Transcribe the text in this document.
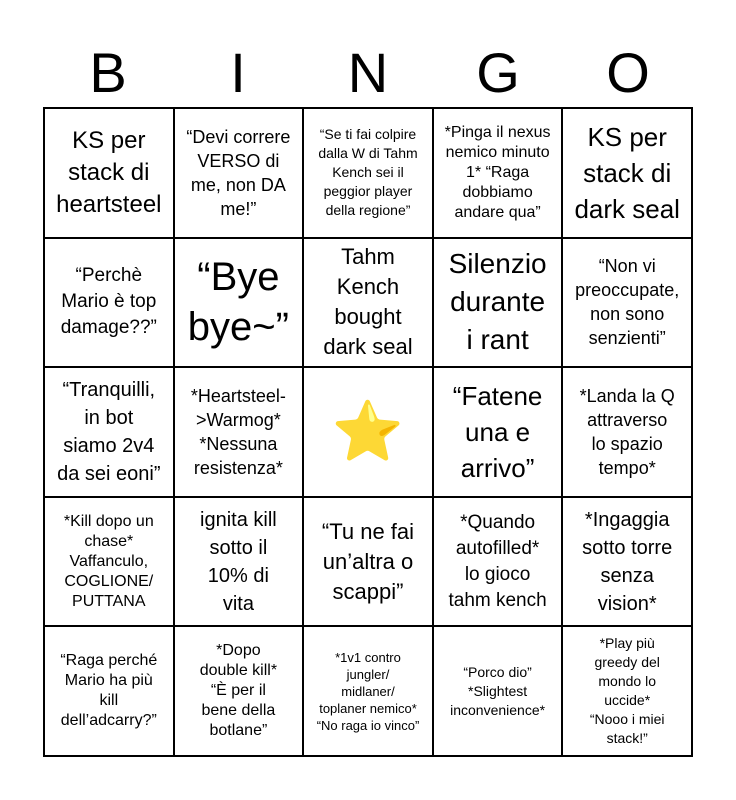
B	I	N	G	O
KS per
stack di
heartsteel
“Devi correre
VERSO di
me, non DA
me!”
“Se ti fai colpire
dalla W di Tahm
Kench sei il
peggior player
della regione”
*Pinga il nexus
nemico minuto
1* “Raga
dobbiamo
andare qua”
KS per
stack di
dark seal
“Perchè
Mario è top
damage??”
“Bye
bye~”
Tahm
Kench
bought
dark seal
Silenzio
durante
i rant
“Non vi
preoccupate,
non sono
senzienti”
“Tranquilli,
in bot
siamo 2v4
da sei eoni”
*Heartsteel-
>Warmog*
*Nessuna
resistenza*
⭐
“Fatene
una e
arrivo”
*Landa la Q
attraverso
lo spazio
tempo*
*Kill dopo un
chase*
Vaffanculo,
COGLIONE/
PUTTANA
ignita kill
sotto il
10% di
vita
“Tu ne fai
un’altra o
scappi”
*Quando
autofilled*
lo gioco
tahm kench
*Ingaggia
sotto torre
senza
vision*
“Raga perché
Mario ha più
kill
dell’adcarry?”
*Dopo
double kill*
“È per il
bene della
botlane”
*1v1 contro
jungler/
midlaner/
toplaner nemico*
“No raga io vinco”
“Porco dio”
*Slightest
inconvenience*
*Play più
greedy del
mondo lo
uccide*
“Nooo i miei
stack!”
